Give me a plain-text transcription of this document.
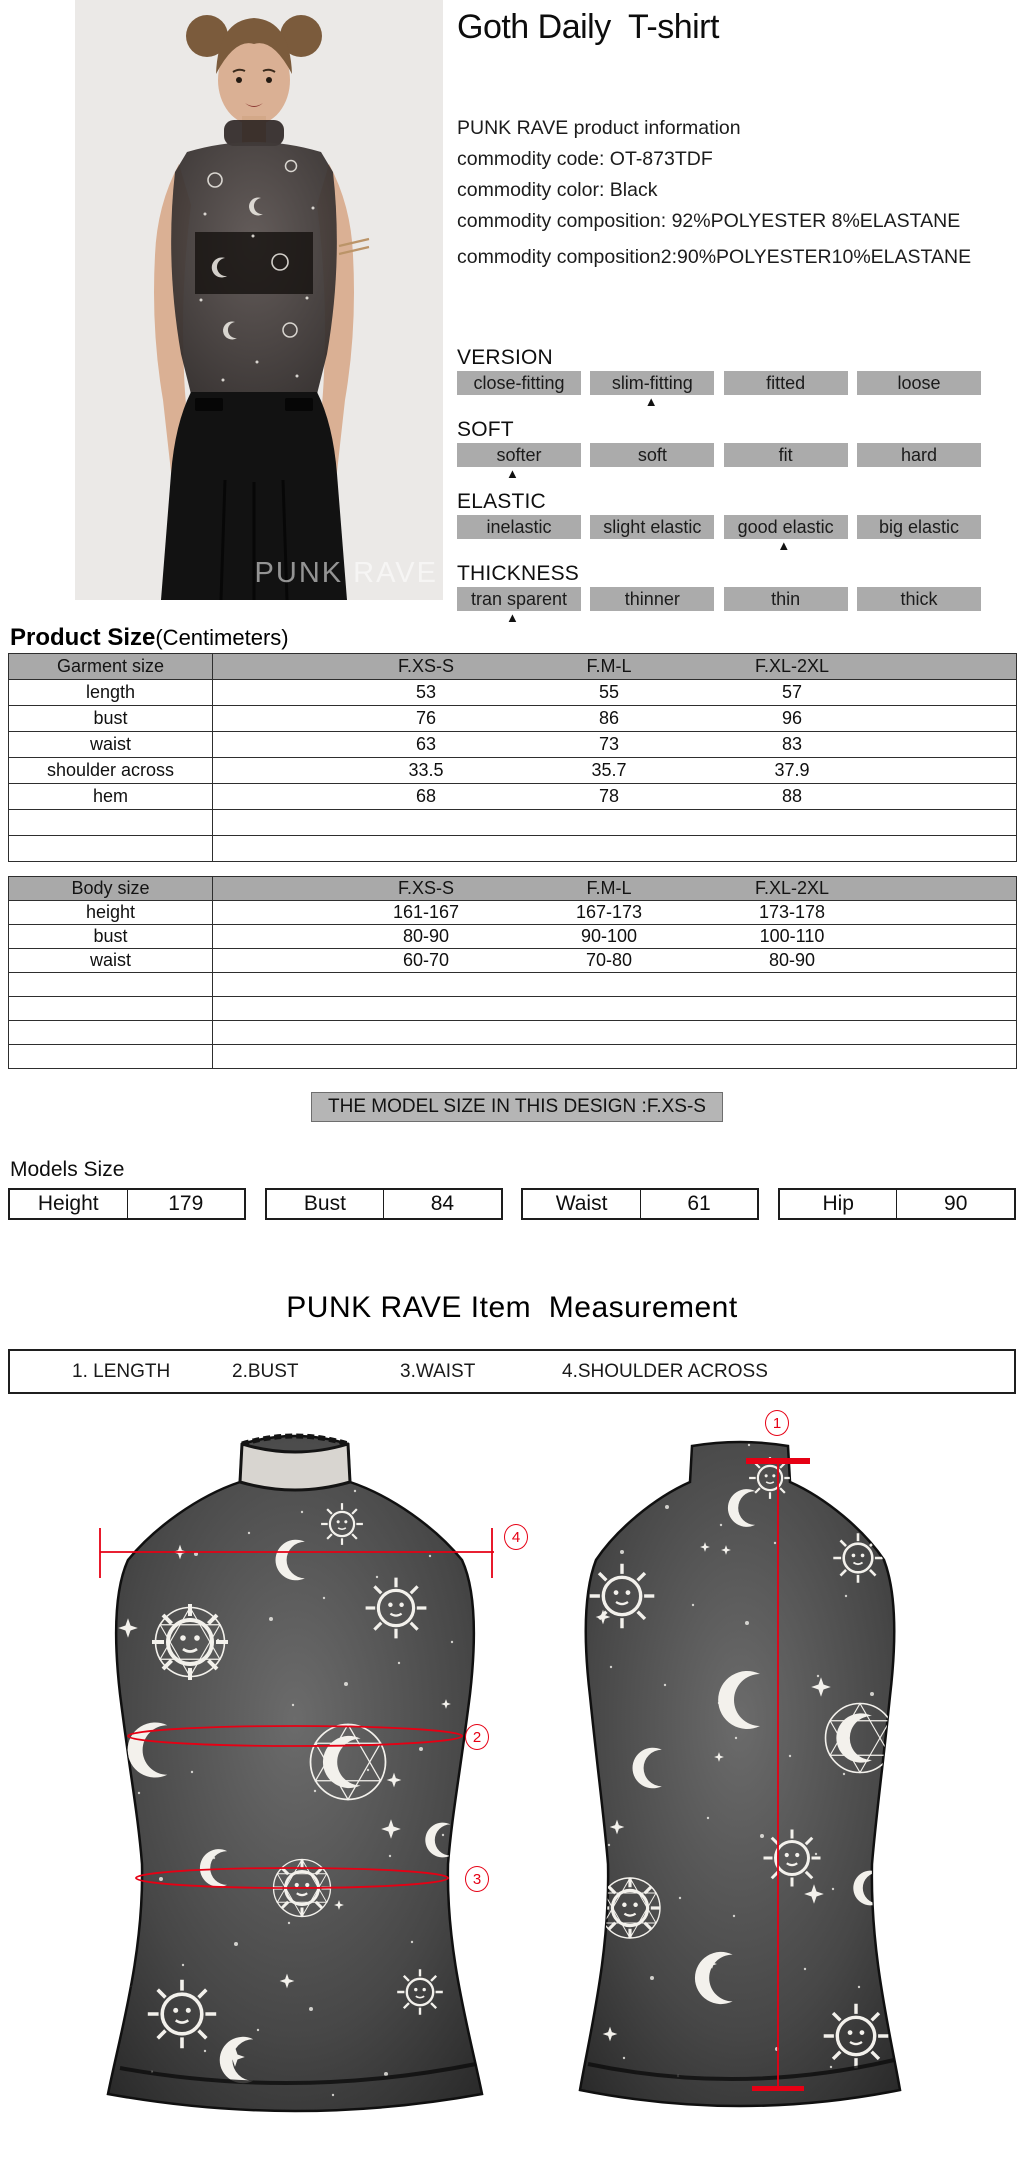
PUNK RAVE
Goth Daily  T-shirt
PUNK RAVE product information
commodity code: OT-873TDF
commodity color: Black
commodity composition: 92%POLYESTER 8%ELASTANE
commodity composition2:90%POLYESTER10%ELASTANE
VERSION
close-fitting	slim-fitting	fitted	loose
▲
SOFT
softer	soft	fit	hard
▲
ELASTIC
inelastic	slight elastic	good elastic	big elastic
▲
THICKNESS
tran sparent	thinner	thin	thick
▲
Product Size(Centimeters)
Garment size		F.XS-S	F.M-L	F.XL-2XL	
length		53	55	57	
bust		76	86	96	
waist		63	73	83	
shoulder across		33.5	35.7	37.9	
hem		68	78	88	

Body size		F.XS-S	F.M-L	F.XL-2XL	
height		161-167	167-173	173-178	
bust		80-90	90-100	100-110	
waist		60-70	70-80	80-90	

THE MODEL SIZE IN THIS DESIGN :F.XS-S
Models Size
Height	179	Bust	84	Waist	61	Hip	90
PUNK RAVE Item  Measurement
1. LENGTH	2.BUST	3.WAIST	4.SHOULDER ACROSS
1
4
2
3
